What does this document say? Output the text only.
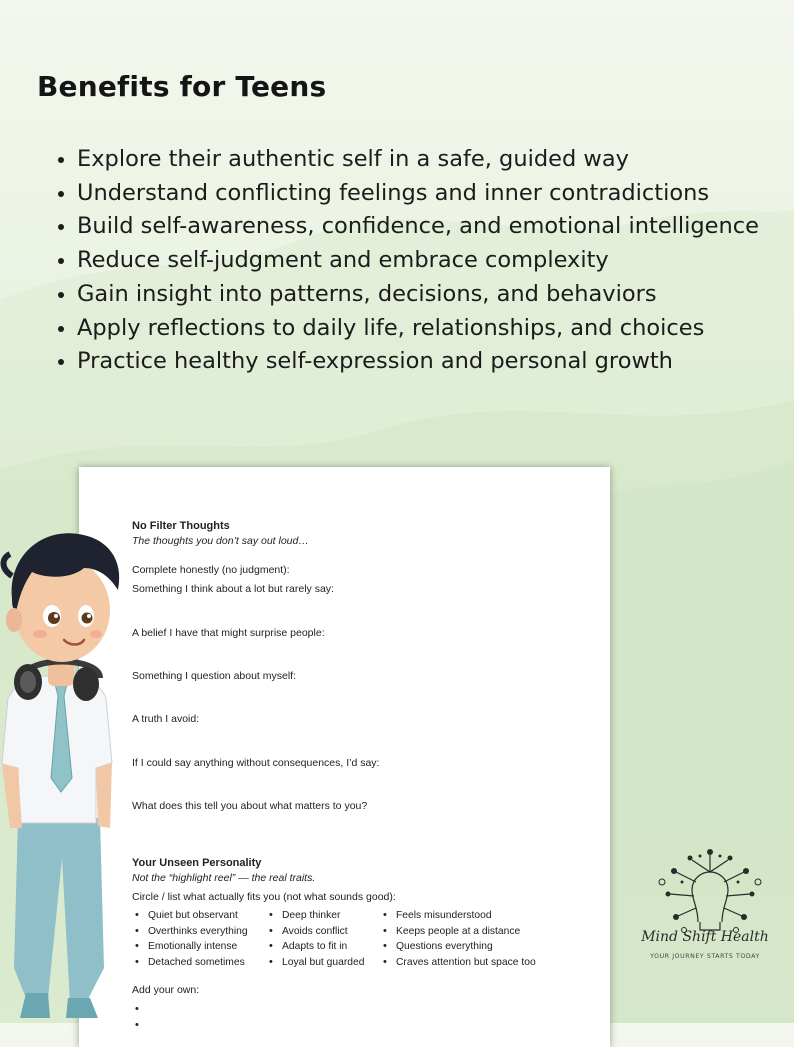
Benefits for Teens
• Explore their authentic self in a safe, guided way
• Understand conflicting feelings and inner contradictions
• Build self-awareness, confidence, and emotional intelligence
• Reduce self-judgment and embrace complexity
• Gain insight into patterns, decisions, and behaviors
• Apply reflections to daily life, relationships, and choices
• Practice healthy self-expression and personal growth
No Filter Thoughts
The thoughts you don’t say out loud…
Complete honestly (no judgment):
Something I think about a lot but rarely say:
A belief I have that might surprise people:
Something I question about myself:
A truth I avoid:
If I could say anything without consequences, I’d say:
What does this tell you about what matters to you?
Your Unseen Personality
Not the “highlight reel” — the real traits.
Circle / list what actually fits you (not what sounds good):
• Quiet but observant
• Overthinks everything
• Emotionally intense
• Detached sometimes
• Deep thinker
• Avoids conflict
• Adapts to fit in
• Loyal but guarded
• Feels misunderstood
• Keeps people at a distance
• Questions everything
• Craves attention but space too
Add your own:
•
•
Mind Shift Health
YOUR JOURNEY STARTS TODAY
